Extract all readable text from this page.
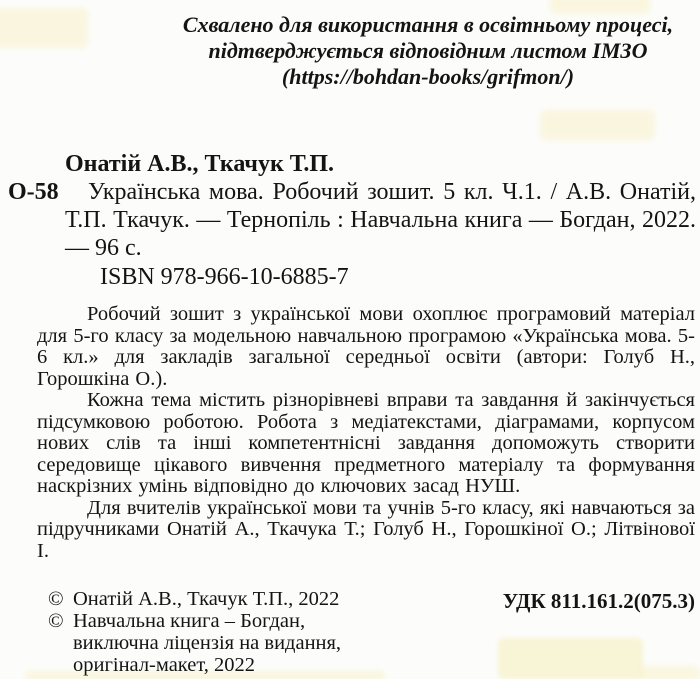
Схвалено для використання в освітньому процесі,
підтверджується відповідним листом ІМЗО
(https://bohdan-books/grifmon/)
Онатій А.В., Ткачук Т.П.
О-58 Українська мова. Робочий зошит. 5 кл. Ч.1. / А.В. Онатій, Т.П. Ткачук. — Тернопіль : Навчальна книга — Богдан, 2022. — 96 с.
ISBN 978-966-10-6885-7

Робочий зошит з української мови охоплює програмовий матеріал для 5-го класу за модельною навчальною програмою «Українська мова. 5-6 кл.» для закладів загальної середньої освіти (автори: Голуб Н., Горошкіна О.).

Кожна тема містить різнорівневі вправи та завдання й закінчується підсумковою роботою. Робота з медіатекстами, діаграмами, корпусом нових слів та інші компетентнісні завдання допоможуть створити середовище цікавого вивчення предметного матеріалу та формування наскрізних умінь відповідно до ключових засад НУШ.

Для вчителів української мови та учнів 5-го класу, які навчаються за підручниками Онатій А., Ткачука Т.; Голуб Н., Горошкіної О.; Літвінової І.

© Онатій А.В., Ткачук Т.П., 2022
© Навчальна книга – Богдан,
виключна ліцензія на видання,
оригінал-макет, 2022
УДК 811.161.2(075.3)
